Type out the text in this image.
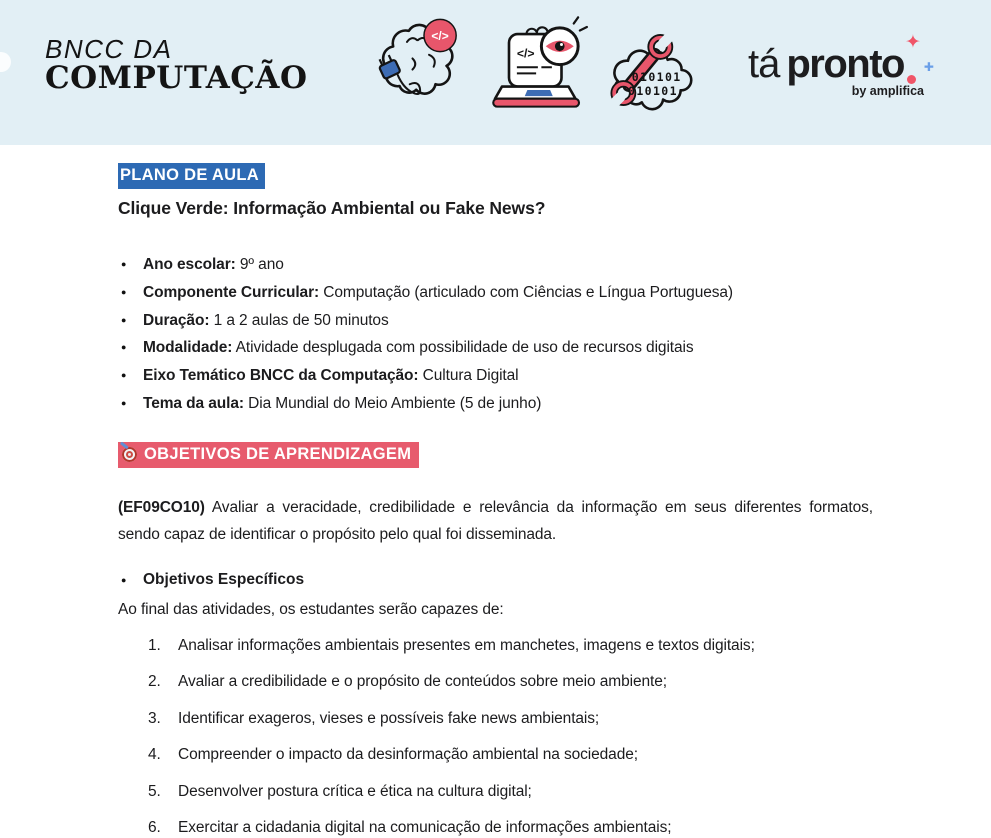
BNCC DA
COMPUTAÇÃO
</>
</>
010101
010101
tá pronto ✦
✚
by amplifica
PLANO DE AULA
Clique Verde: Informação Ambiental ou Fake News?
● Ano escolar: 9º ano
● Componente Curricular: Computação (articulado com Ciências e Língua Portuguesa)
● Duração: 1 a 2 aulas de 50 minutos
● Modalidade: Atividade desplugada com possibilidade de uso de recursos digitais
● Eixo Temático BNCC da Computação: Cultura Digital
● Tema da aula: Dia Mundial do Meio Ambiente (5 de junho)
OBJETIVOS DE APRENDIZAGEM

(EF09CO10) Avaliar a veracidade, credibilidade e relevância da informação em seus diferentes formatos, sendo capaz de identificar o propósito pelo qual foi disseminada.

● Objetivos Específicos
Ao final das atividades, os estudantes serão capazes de:
Analisar informações ambientais presentes em manchetes, imagens e textos digitais;
Avaliar a credibilidade e o propósito de conteúdos sobre meio ambiente;
Identificar exageros, vieses e possíveis fake news ambientais;
Compreender o impacto da desinformação ambiental na sociedade;
Desenvolver postura crítica e ética na cultura digital;
Exercitar a cidadania digital na comunicação de informações ambientais;
